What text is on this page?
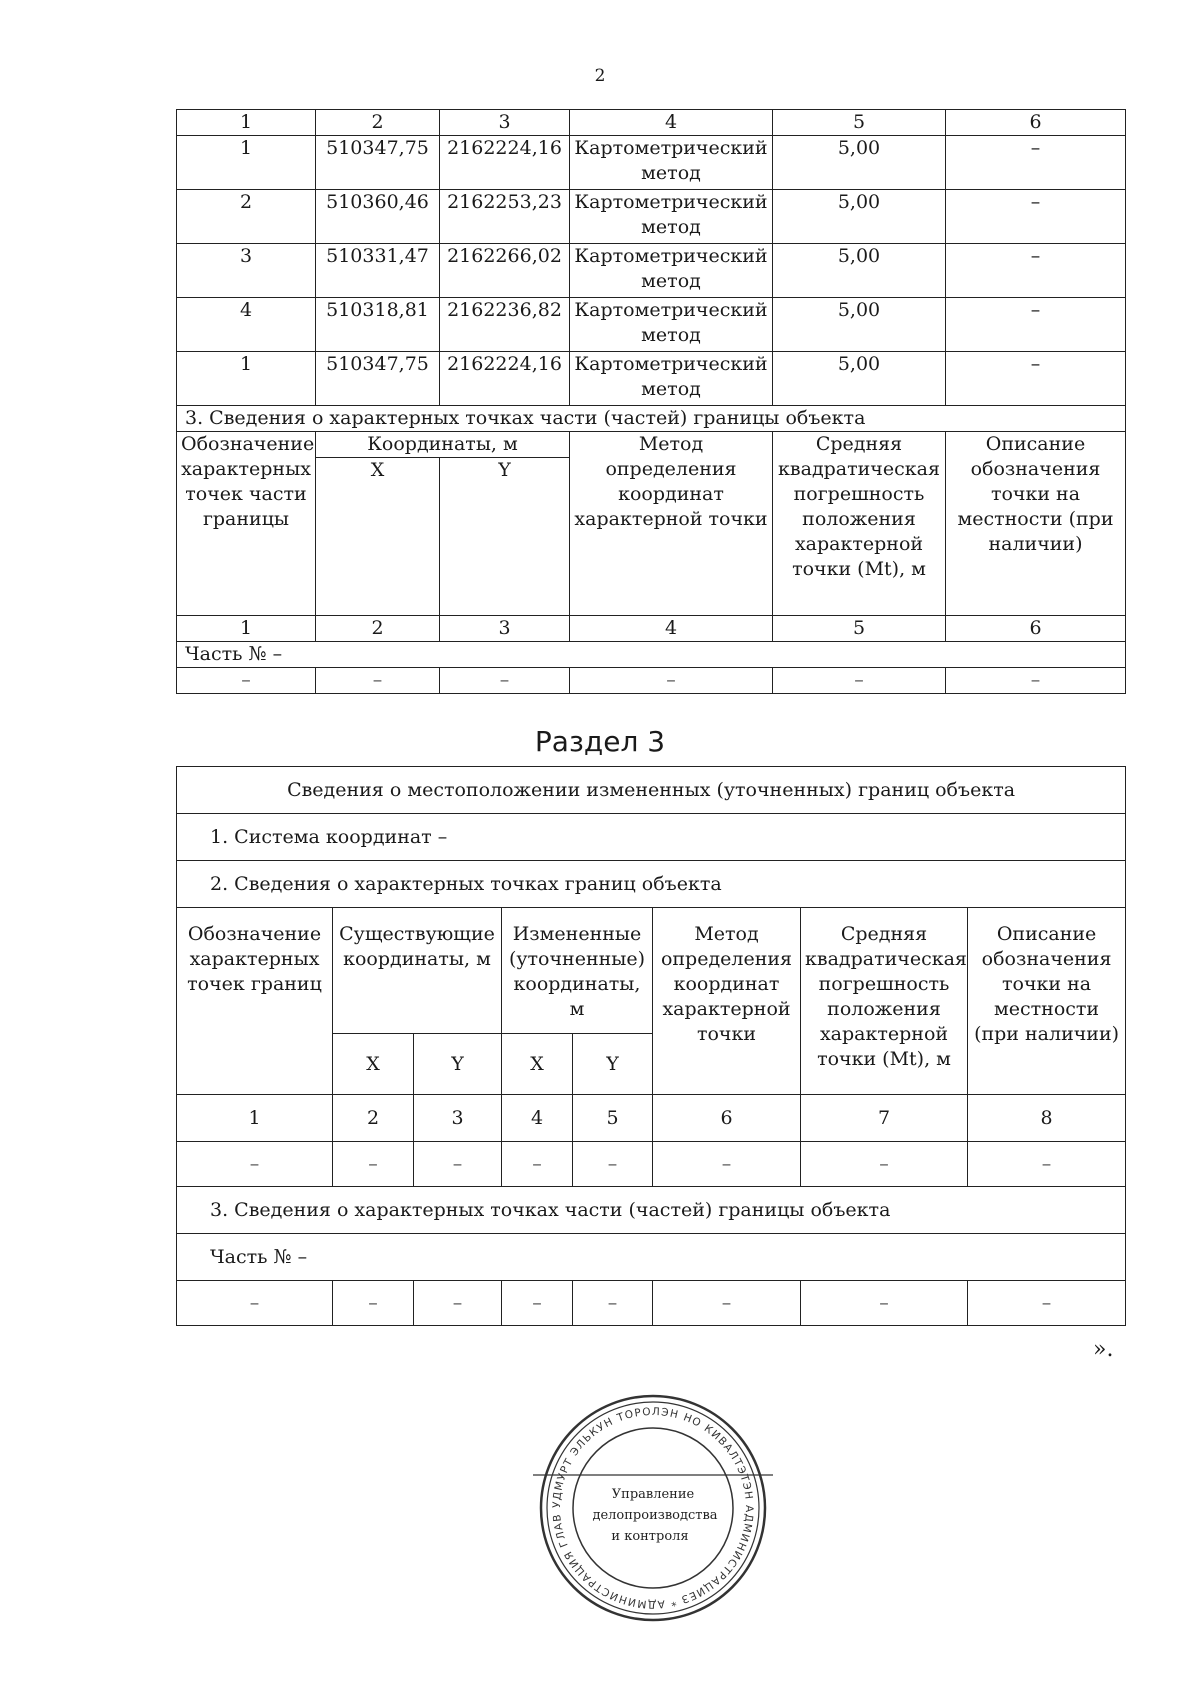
2
1	2	3	4	5	6
1	510347,75	2162224,16	Картометрический метод	5,00	–
2	510360,46	2162253,23	Картометрический метод	5,00	–
3	510331,47	2162266,02	Картометрический метод	5,00	–
4	510318,81	2162236,82	Картометрический метод	5,00	–
1	510347,75	2162224,16	Картометрический метод	5,00	–
3. Сведения о характерных точках части (частей) границы объекта					
Обозначение характерных точек части границы	Координаты, м		Метод определения координат характерной точки	Средняя квадратическая погрешность положения характерной точки (Mt), м	Описание обозначения точки на местности (при наличии)
	X	Y			
1	2	3	4	5	6
Часть № –					
–	–	–	–	–	–
Раздел 3
Сведения о местоположении измененных (уточненных) границ объекта							
1. Система координат –							
2. Сведения о характерных точках границ объекта							
Обозначение характерных точек границ	Существующие координаты, м		Измененные (уточненные) координаты, м		Метод определения координат характерной точки	Средняя квадратическая погрешность положения характерной точки (Mt), м	Описание обозначения точки на местности (при наличии)
	X	Y	X	Y			
1	2	3	4	5	6	7	8
–	–	–	–	–	–	–	–
3. Сведения о характерных точках части (частей) границы объекта							
Часть № –							
–	–	–	–	–	–	–	–
».
УДМУРТ ЭЛЬКУН ТОРОЛЭН НО КИВАЛТЭТЭН АДМИНИСТРАЦИЕЗ * АДМИНИСТРАЦИЯ ГЛАВ
Управление
делопроизводства
и контроля
